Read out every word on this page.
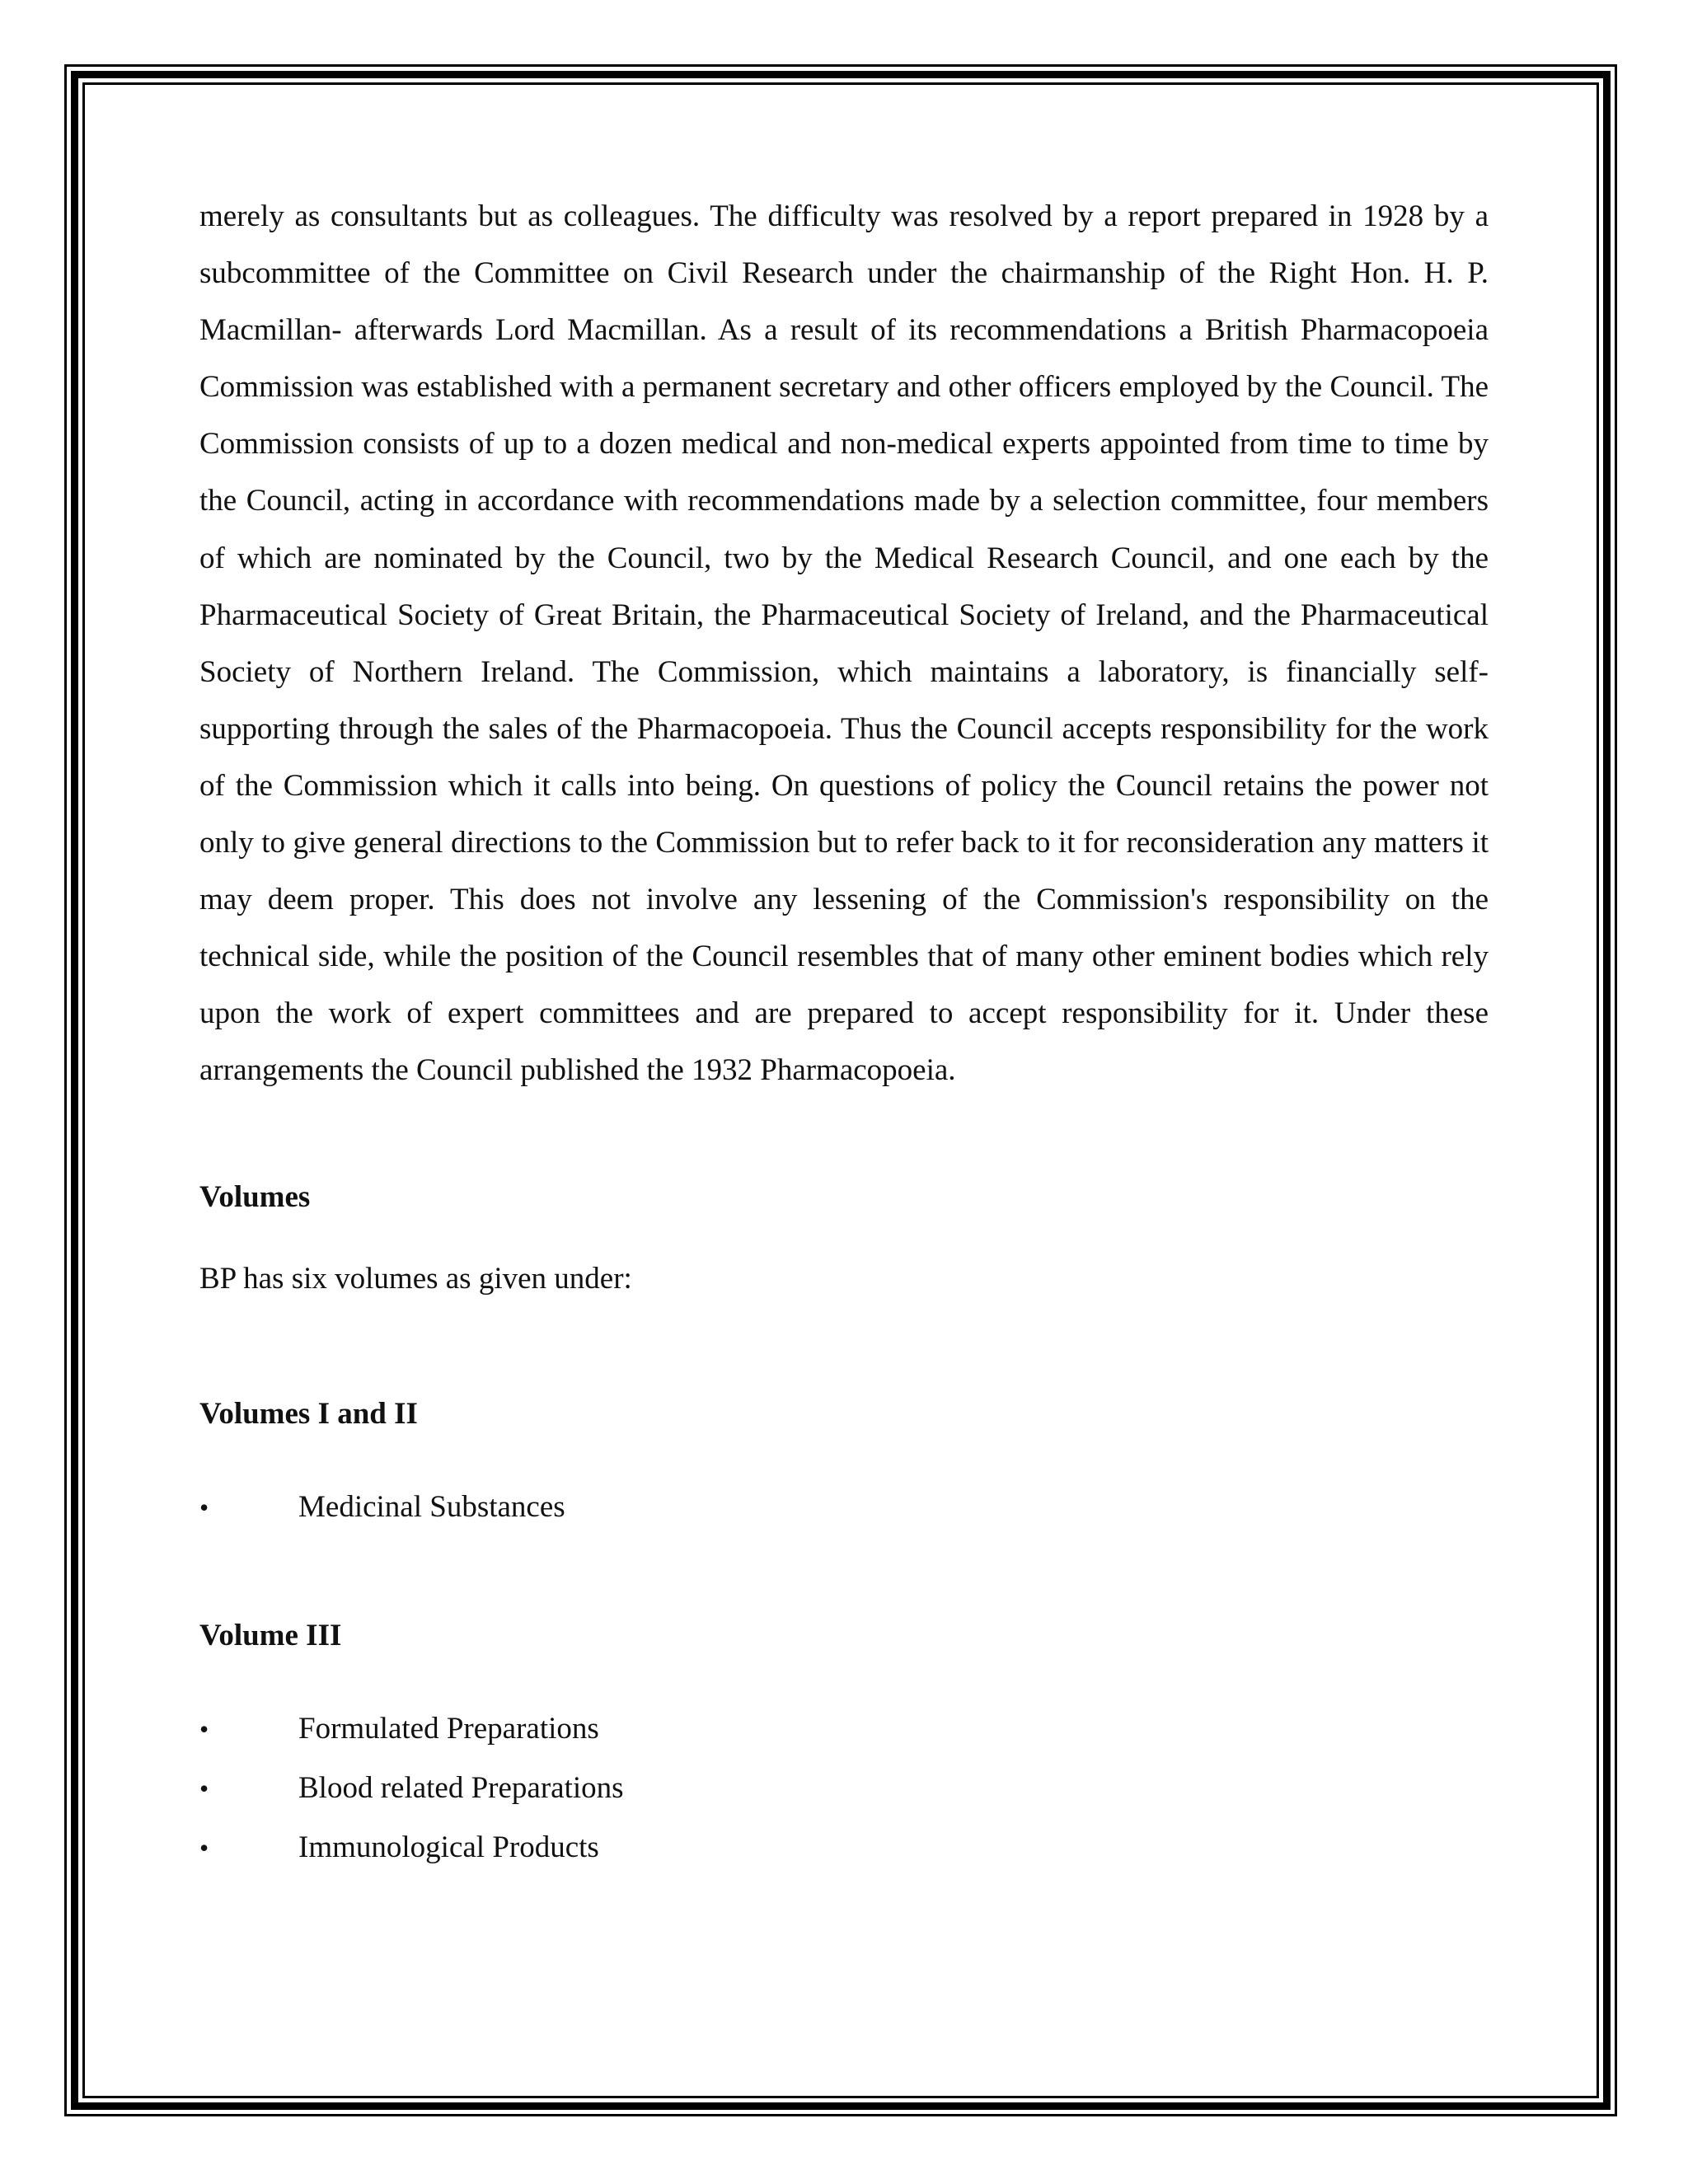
merely as consultants but as colleagues. The difficulty was resolved by a report prepared in 1928 by a subcommittee of the Committee on Civil Research under the chairmanship of the Right Hon. H. P. Macmillan- afterwards Lord Macmillan. As a result of its recommendations a British Pharmacopoeia Commission was established with a permanent secretary and other officers employed by the Council. The Commission consists of up to a dozen medical and non-medical experts appointed from time to time by the Council, acting in accordance with recommendations made by a selection committee, four members of which are nominated by the Council, two by the Medical Research Council, and one each by the Pharmaceutical Society of Great Britain, the Pharmaceutical Society of Ireland, and the Pharmaceutical Society of Northern Ireland. The Commission, which maintains a laboratory, is financially self-supporting through the sales of the Pharmacopoeia. Thus the Council accepts responsibility for the work of the Commission which it calls into being. On questions of policy the Council retains the power not only to give general directions to the Commission but to refer back to it for reconsideration any matters it may deem proper. This does not involve any lessening of the Commission's responsibility on the technical side, while the position of the Council resembles that of many other eminent bodies which rely upon the work of expert committees and are prepared to accept responsibility for it. Under these arrangements the Council published the 1932 Pharmacopoeia.

Volumes

BP has six volumes as given under:

Volumes I and II

•	Medicinal Substances

Volume III

•	Formulated Preparations
•	Blood related Preparations
•	Immunological Products
